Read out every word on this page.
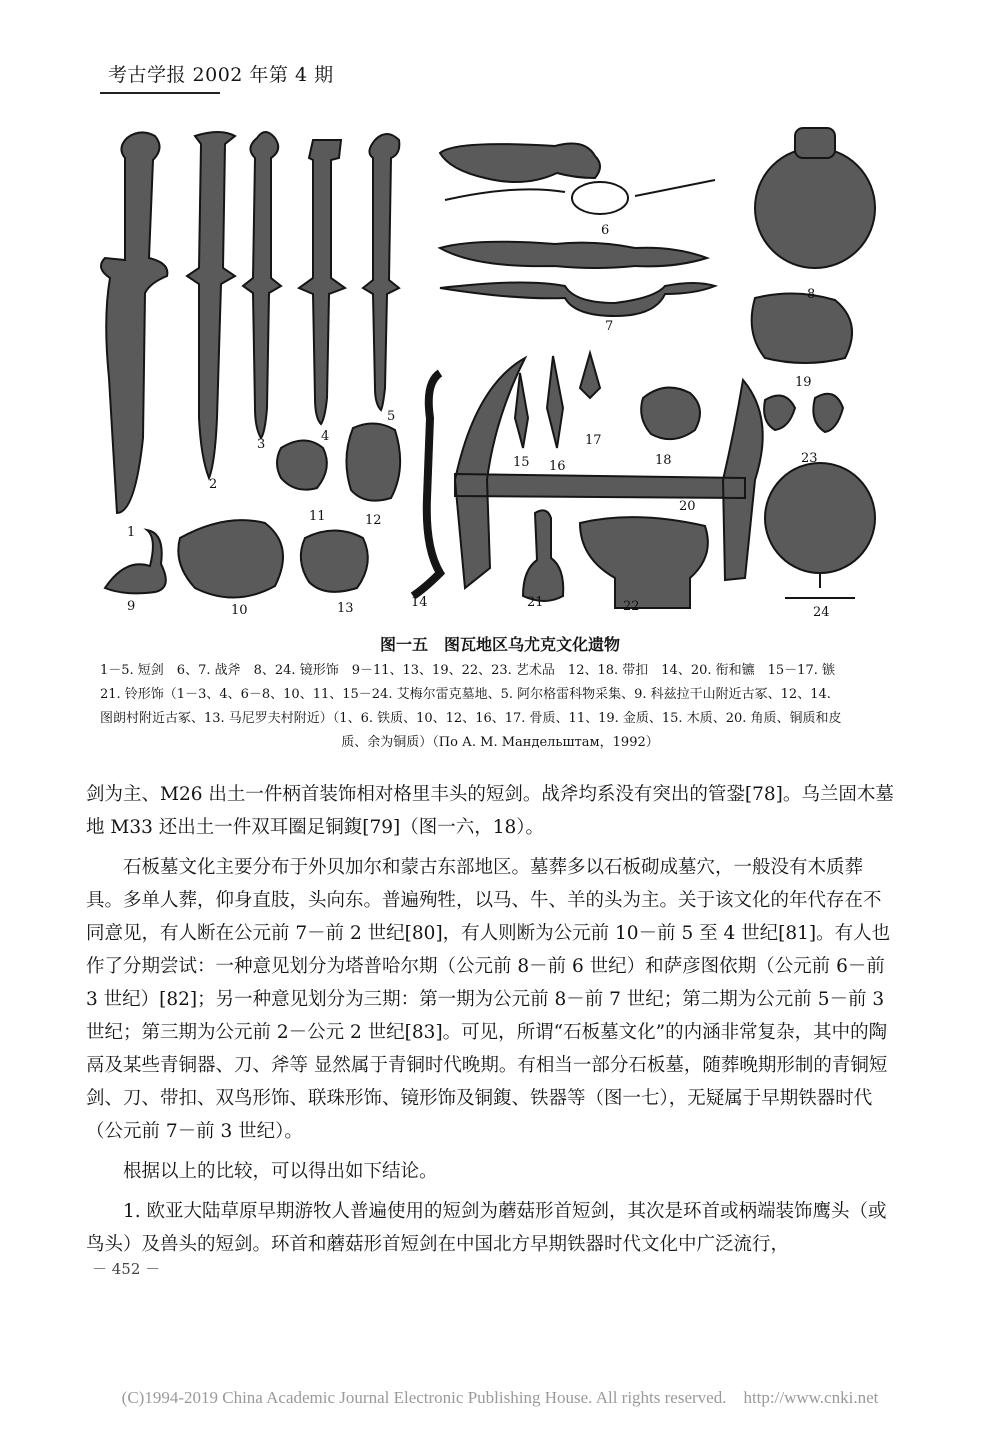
考古学报 2002 年第 4 期
1
2
3
4
5
6
7
8
9	10
11	12
13	14
15 16
17
18
19
20
21	22
23
24
图一五　图瓦地区乌尤克文化遗物

1－5. 短剑　6、7. 战斧　8、24. 镜形饰　9－11、13、19、22、23. 艺术品　12、18. 带扣　14、20. 衔和镳　15－17. 镞

21. 铃形饰（1－3、4、6－8、10、11、15－24. 艾梅尔雷克墓地、5. 阿尔格雷科物采集、9. 科兹拉干山附近古冢、12、14.

图朗村附近古冢、13. 马尼罗夫村附近）（1、6. 铁质、10、12、16、17. 骨质、11、19. 金质、15. 木质、20. 角质、铜质和皮

质、余为铜质）（По А. М. Мандельштам，1992）

剑为主、M26 出土一件柄首装饰相对格里丰头的短剑。战斧均系没有突出的管銎[78]。乌兰固木墓地 M33 还出土一件双耳圈足铜鍑[79]（图一六，18）。

石板墓文化主要分布于外贝加尔和蒙古东部地区。墓葬多以石板砌成墓穴，一般没有木质葬具。多单人葬，仰身直肢，头向东。普遍殉牲，以马、牛、羊的头为主。关于该文化的年代存在不同意见，有人断在公元前 7－前 2 世纪[80]，有人则断为公元前 10－前 5 至 4 世纪[81]。有人也作了分期尝试：一种意见划分为塔普哈尔期（公元前 8－前 6 世纪）和萨彦图依期（公元前 6－前 3 世纪）[82]；另一种意见划分为三期：第一期为公元前 8－前 7 世纪；第二期为公元前 5－前 3 世纪；第三期为公元前 2－公元 2 世纪[83]。可见，所谓“石板墓文化”的内涵非常复杂，其中的陶鬲及某些青铜器、刀、斧等 显然属于青铜时代晚期。有相当一部分石板墓，随葬晚期形制的青铜短剑、刀、带扣、双鸟形饰、联珠形饰、镜形饰及铜鍑、铁器等（图一七），无疑属于早期铁器时代（公元前 7－前 3 世纪）。

根据以上的比较，可以得出如下结论。

1. 欧亚大陆草原早期游牧人普遍使用的短剑为蘑菇形首短剑，其次是环首或柄端装饰鹰头（或鸟头）及兽头的短剑。环首和蘑菇形首短剑在中国北方早期铁器时代文化中广泛流行，

－ 452 －
(C)1994-2019 China Academic Journal Electronic Publishing House. All rights reserved.　http://www.cnki.net
